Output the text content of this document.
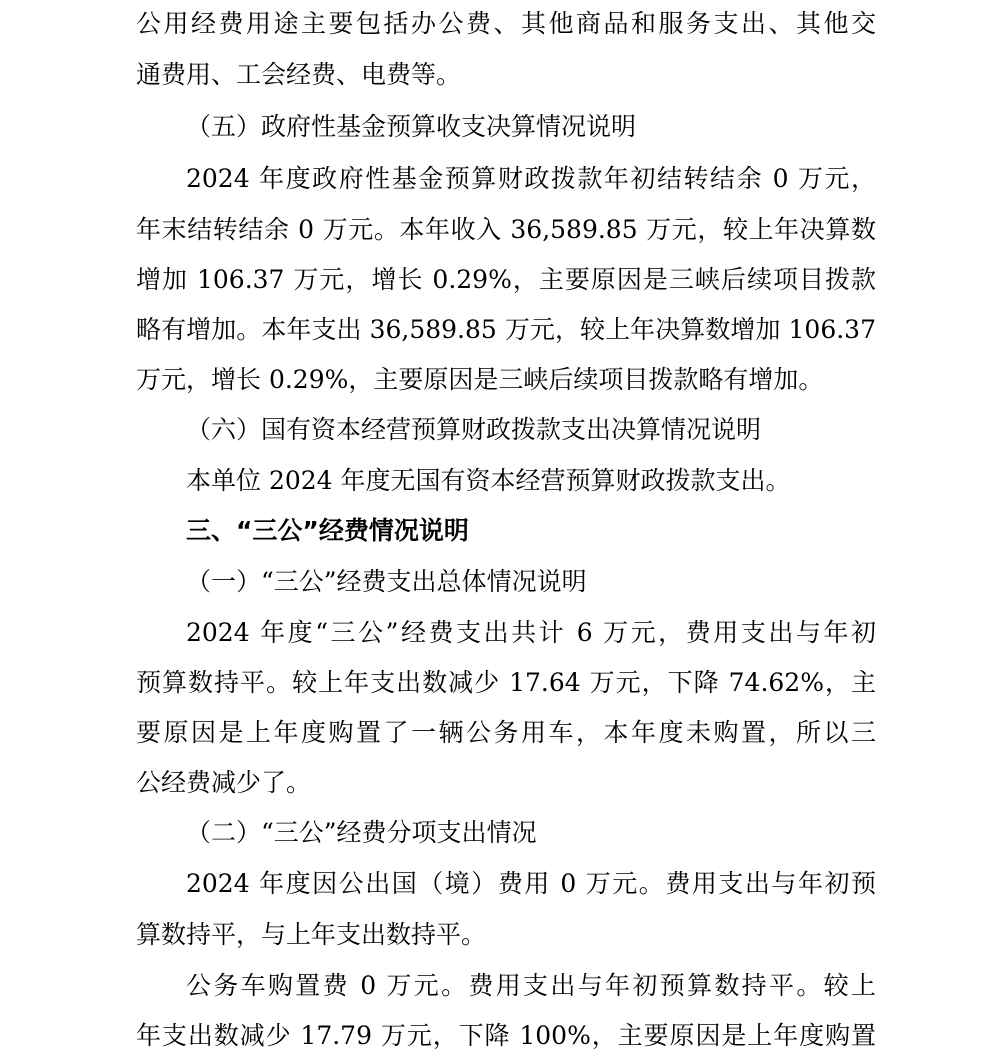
公用经费用途主要包括办公费、其他商品和服务支出、其他交
通费用、工会经费、电费等。
（五）政府性基金预算收支决算情况说明
2024 年度政府性基金预算财政拨款年初结转结余 0 万元，
年末结转结余 0 万元。本年收入 36,589.85 万元，较上年决算数
增加 106.37 万元，增长 0.29%，主要原因是三峡后续项目拨款
略有增加。本年支出 36,589.85 万元，较上年决算数增加 106.37
万元，增长 0.29%，主要原因是三峡后续项目拨款略有增加。
（六）国有资本经营预算财政拨款支出决算情况说明
本单位 2024 年度无国有资本经营预算财政拨款支出。
三、“三公”经费情况说明
（一）“三公”经费支出总体情况说明
2024 年度“三公”经费支出共计 6 万元，费用支出与年初
预算数持平。较上年支出数减少 17.64 万元，下降 74.62%，主
要原因是上年度购置了一辆公务用车，本年度未购置，所以三
公经费减少了。
（二）“三公”经费分项支出情况
2024 年度因公出国（境）费用 0 万元。费用支出与年初预
算数持平，与上年支出数持平。
公务车购置费 0 万元。费用支出与年初预算数持平。较上
年支出数减少 17.79 万元，下降 100%，主要原因是上年度购置
